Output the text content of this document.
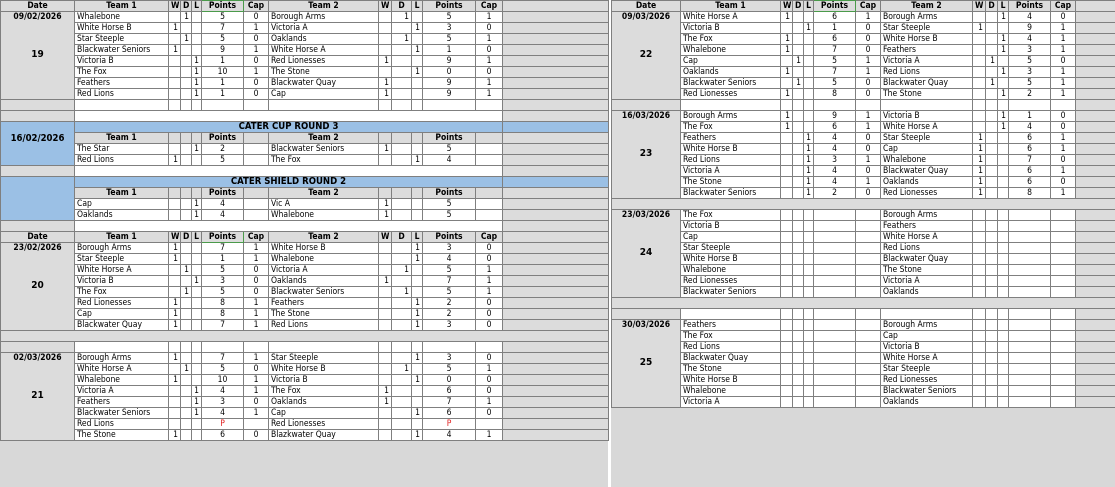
Date	Team 1	W	D	L	Points	Cap	Team 2	W	D	L	Points	Cap	

09/02/2026
19	Whalebone		1		5	0	Borough Arms		1		5	1	
	White Horse B	1			7	1	Victoria A			1	3	0	
	Star Steeple		1		5	0	Oaklands		1		5	1	
	Blackwater Seniors	1			9	1	White Horse A			1	1	0	
	Victoria B			1	1	0	Red Lionesses	1			9	1	
	The Fox			1	10	1	The Stone			1	0	0	
	Feathers			1	1	0	Blackwater Quay	1			9	1	
	Red Lions			1	1	0	Cap	1			9	1	

16/02/2026	CATER CUP ROUND 3												
	Team 1				Points		Team 2				Points		
	The Star			1	2		Blackwater Seniors	1			5		
	Red Lions	1			5		The Fox			1	4		

	CATER SHIELD ROUND 2												
	Team 1				Points		Team 2				Points		
	Cap			1	4		Vic A	1			5		
	Oaklands			1	4		Whalebone	1			5		

Date	Team 1	W	D	L	Points	Cap	Team 2	W	D	L	Points	Cap	

23/02/2026
20	Borough Arms	1			7	1	White Horse B			1	3	0	
	Star Steeple	1			1	1	Whalebone			1	4	0	
	White Horse A		1		5	0	Victoria A		1		5	1	
	Victoria B			1	3	0	Oaklands	1			7	1	
	The Fox		1		5	0	Blackwater Seniors		1		5	1	
	Red Lionesses	1			8	1	Feathers			1	2	0	
	Cap	1			8	1	The Stone			1	2	0	
	Blackwater Quay	1			7	1	Red Lions			1	3	0	

02/03/2026
21	Borough Arms	1			7	1	Star Steeple			1	3	0	
	White Horse A		1		5	0	White Horse B		1		5	1	
	Whalebone	1			10	1	Victoria B			1	0	0	
	Victoria A			1	4	1	The Fox	1			6	0	
	Feathers			1	3	0	Oaklands	1			7	1	
	Blackwater Seniors			1	4	1	Cap			1	6	0	
	Red Lions				P		Red Lionesses				P		
	The Stone	1			6	0	Blazkwater Quay			1	4	1	
Date	Team 1	W	D	L	Points	Cap	Team 2	W	D	L	Points	Cap	

09/03/2026
22	White Horse A	1			6	1	Borough Arms			1	4	0	
	Victoria B			1	1	0	Star Steeple	1			9	1	
	The Fox	1			6	0	White Horse B			1	4	1	
	Whalebone	1			7	0	Feathers			1	3	1	
	Cap		1		5	1	Victoria A		1		5	0	
	Oaklands	1			7	1	Red Lions			1	3	1	
	Blackwater Seniors		1		5	0	Blackwater Quay		1		5	1	
	Red Lionesses	1			8	0	The Stone			1	2	1	

16/03/2026
23	Borough Arms	1			9	1	Victoria B			1	1	0	
	The Fox	1			6	1	White Horse A			1	4	0	
	Feathers			1	4	0	Star Steeple	1			6	1	
	White Horse B			1	4	0	Cap	1			6	1	
	Red Lions			1	3	1	Whalebone	1			7	0	
	Victoria A			1	4	0	Blackwater Quay	1			6	1	
	The Stone			1	4	1	Oaklands	1			6	0	
	Blackwater Seniors			1	2	0	Red Lionesses	1			8	1	

23/03/2026
24	The Fox						Borough Arms						
	Victoria B						Feathers						
	Cap						White Horse A						
	Star Steeple						Red Lions						
	White Horse B						Blackwater Quay						
	Whalebone						The Stone						
	Red Lionesses						Victoria A						
	Blackwater Seniors						Oaklands						

30/03/2026
25	Feathers						Borough Arms						
	The Fox						Cap						
	Red Lions						Victoria B						
	Blackwater Quay						White Horse A						
	The Stone						Star Steeple						
	White Horse B						Red Lionesses						
	Whalebone						Blackwater Seniors						
	Victoria A						Oaklands						
